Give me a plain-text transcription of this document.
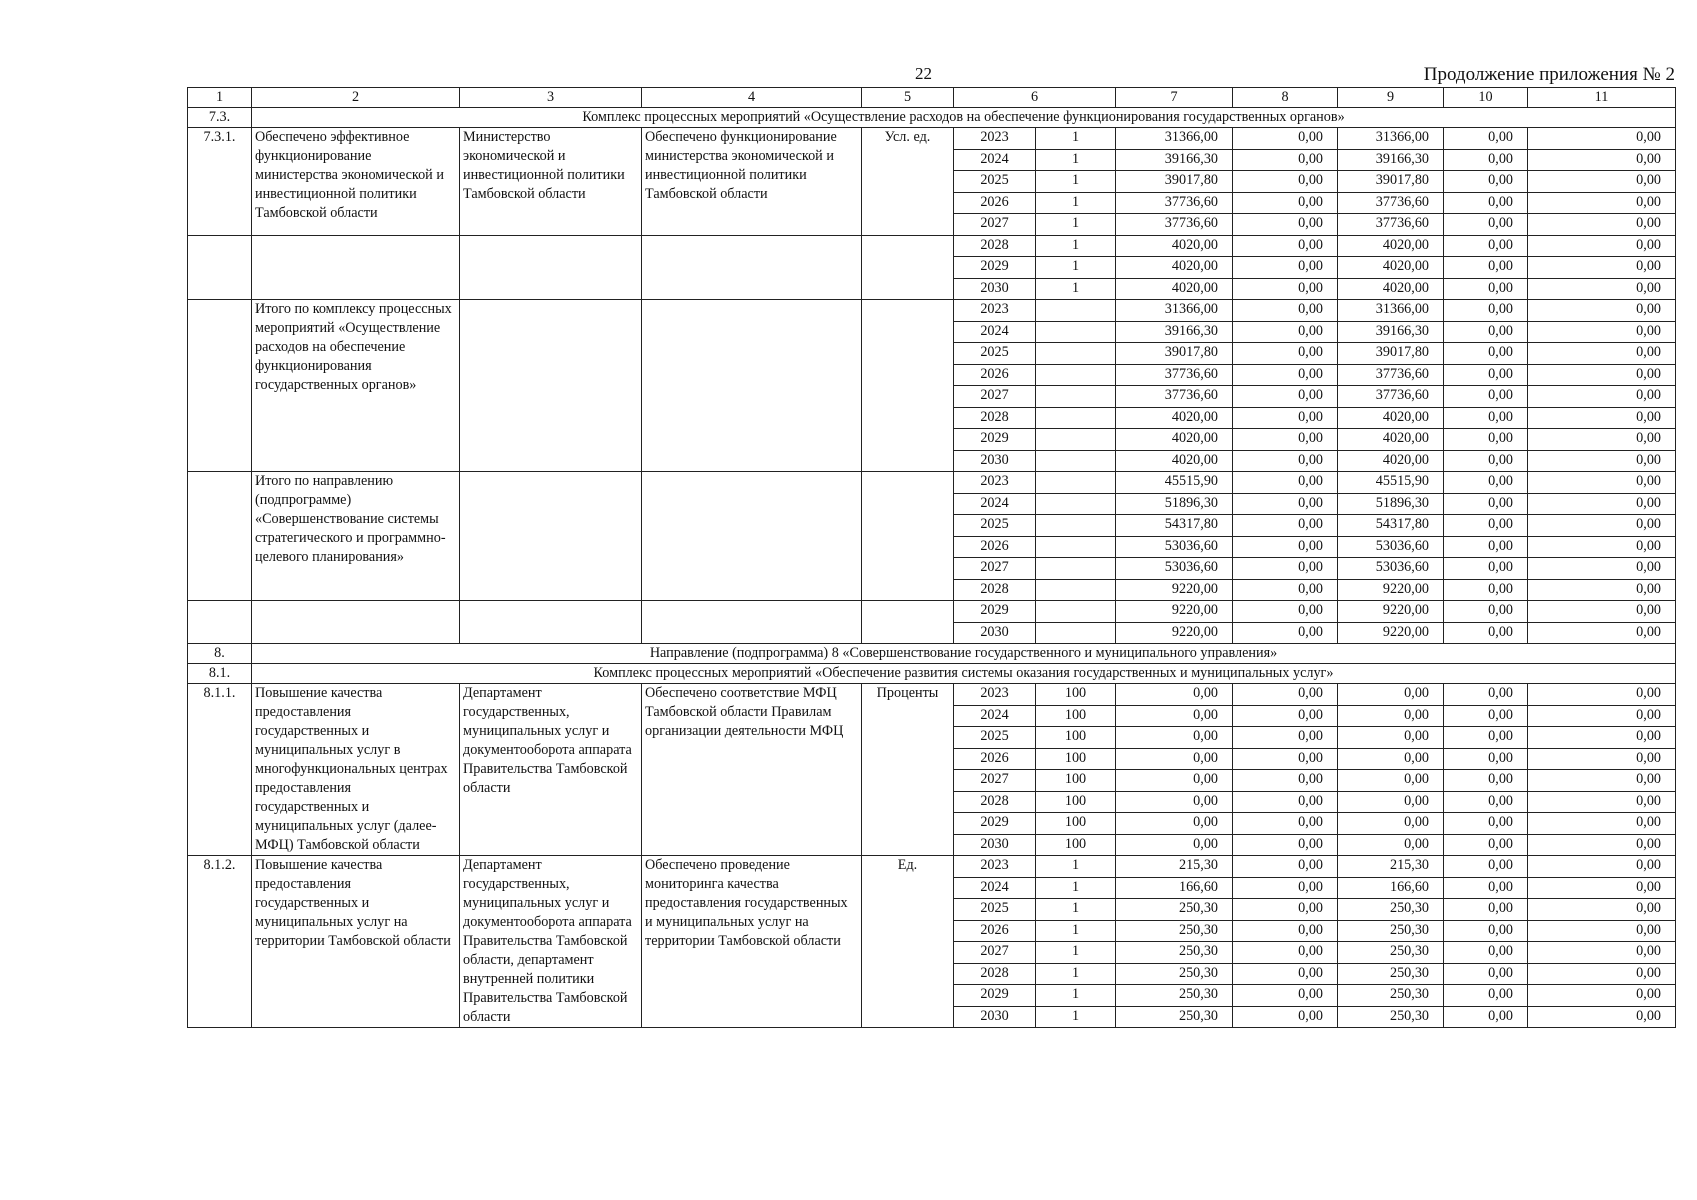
22	Продолжение приложения № 2
1	2	3	4	5	6		7	8	9	10	11
7.3.	Комплекс процессных мероприятий «Осуществление расходов на обеспечение функционирования государственных органов»										
7.3.1.	Обеспечено эффективное функционирование министерства экономической и инвестиционной политики Тамбовской области	Министерство экономической и инвестиционной политики Тамбовской области	Обеспечено функционирование министерства экономической и инвестиционной политики Тамбовской области	Усл. ед.	2023	1	31366,00	0,00	31366,00	0,00	0,00
					2024	1	39166,30	0,00	39166,30	0,00	0,00
					2025	1	39017,80	0,00	39017,80	0,00	0,00
					2026	1	37736,60	0,00	37736,60	0,00	0,00
					2027	1	37736,60	0,00	37736,60	0,00	0,00
					2028	1	4020,00	0,00	4020,00	0,00	0,00
					2029	1	4020,00	0,00	4020,00	0,00	0,00
					2030	1	4020,00	0,00	4020,00	0,00	0,00
	Итого по комплексу процессных мероприятий «Осуществление расходов на обеспечение функционирования государственных органов»				2023		31366,00	0,00	31366,00	0,00	0,00
					2024		39166,30	0,00	39166,30	0,00	0,00
					2025		39017,80	0,00	39017,80	0,00	0,00
					2026		37736,60	0,00	37736,60	0,00	0,00
					2027		37736,60	0,00	37736,60	0,00	0,00
					2028		4020,00	0,00	4020,00	0,00	0,00
					2029		4020,00	0,00	4020,00	0,00	0,00
					2030		4020,00	0,00	4020,00	0,00	0,00
	Итого по направлению (подпрограмме) «Совершенствование системы стратегического и программно-целевого планирования»				2023		45515,90	0,00	45515,90	0,00	0,00
					2024		51896,30	0,00	51896,30	0,00	0,00
					2025		54317,80	0,00	54317,80	0,00	0,00
					2026		53036,60	0,00	53036,60	0,00	0,00
					2027		53036,60	0,00	53036,60	0,00	0,00
					2028		9220,00	0,00	9220,00	0,00	0,00
					2029		9220,00	0,00	9220,00	0,00	0,00
					2030		9220,00	0,00	9220,00	0,00	0,00
8.	Направление (подпрограмма) 8 «Совершенствование государственного и муниципального управления»										
8.1.	Комплекс процессных мероприятий «Обеспечение развития системы оказания государственных и муниципальных услуг»										
8.1.1.	Повышение качества предоставления государственных и муниципальных услуг в многофункциональных центрах предоставления государственных и муниципальных услуг (далее- МФЦ) Тамбовской области	Департамент государственных, муниципальных услуг и документооборота аппарата Правительства Тамбовской области	Обеспечено соответствие МФЦ Тамбовской области Правилам организации деятельности МФЦ	Проценты	2023	100	0,00	0,00	0,00	0,00	0,00
					2024	100	0,00	0,00	0,00	0,00	0,00
					2025	100	0,00	0,00	0,00	0,00	0,00
					2026	100	0,00	0,00	0,00	0,00	0,00
					2027	100	0,00	0,00	0,00	0,00	0,00
					2028	100	0,00	0,00	0,00	0,00	0,00
					2029	100	0,00	0,00	0,00	0,00	0,00
					2030	100	0,00	0,00	0,00	0,00	0,00
8.1.2.	Повышение качества предоставления государственных и муниципальных услуг на территории Тамбовской области	Департамент государственных, муниципальных услуг и документооборота аппарата Правительства Тамбовской области, департамент внутренней политики Правительства Тамбовской области	Обеспечено проведение мониторинга качества предоставления государственных и муниципальных услуг на территории Тамбовской области	Ед.	2023	1	215,30	0,00	215,30	0,00	0,00
					2024	1	166,60	0,00	166,60	0,00	0,00
					2025	1	250,30	0,00	250,30	0,00	0,00
					2026	1	250,30	0,00	250,30	0,00	0,00
					2027	1	250,30	0,00	250,30	0,00	0,00
					2028	1	250,30	0,00	250,30	0,00	0,00
					2029	1	250,30	0,00	250,30	0,00	0,00
					2030	1	250,30	0,00	250,30	0,00	0,00
